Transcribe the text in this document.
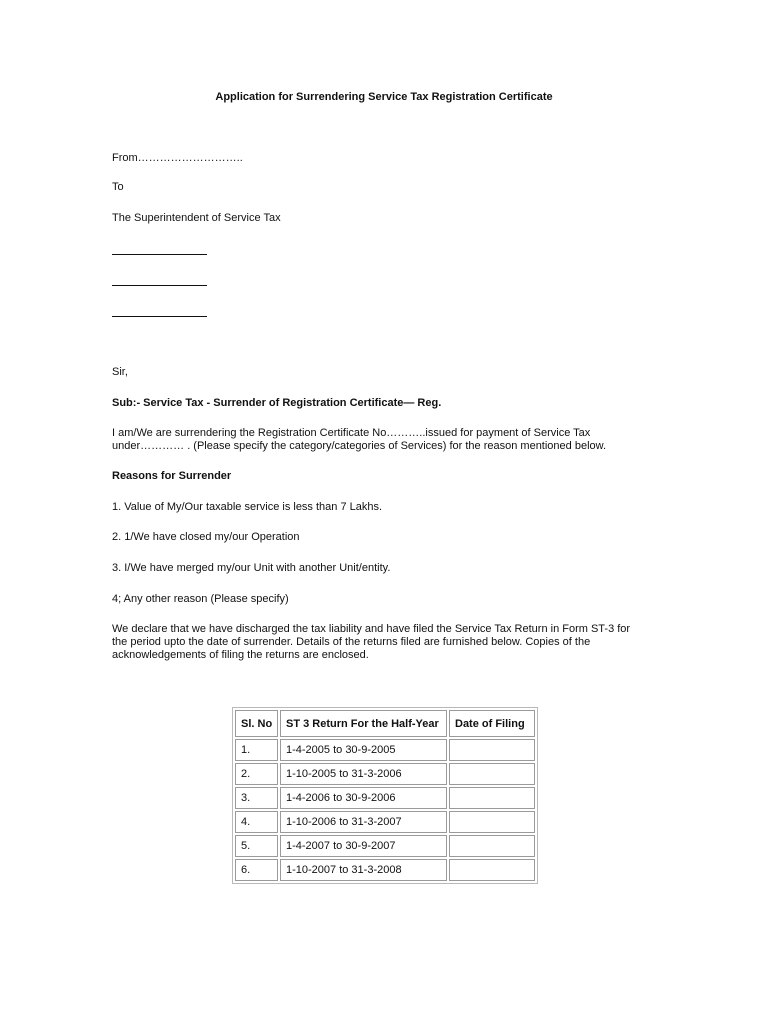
Application for Surrendering Service Tax Registration Certificate
From………………………..
To
The Superintendent of Service Tax
Sir,
Sub:- Service Tax - Surrender of Registration Certificate— Reg.
I am/We are surrendering the Registration Certificate No………..issued for payment of Service Tax
under………… . (Please specify the category/categories of Services) for the reason mentioned below.
Reasons for Surrender
1. Value of My/Our taxable service is less than 7 Lakhs.
2. 1/We have closed my/our Operation
3. I/We have merged my/our Unit with another Unit/entity.
4; Any other reason (Please specify)
We declare that we have discharged the tax liability and have filed the Service Tax Return in Form ST-3 for
the period upto the date of surrender. Details of the returns filed are furnished below. Copies of the
acknowledgements of filing the returns are enclosed.
Sl. No	ST 3 Return For the Half-Year	Date of Filing
1.	1-4-2005 to 30-9-2005	
2.	1-10-2005 to 31-3-2006	
3.	1-4-2006 to 30-9-2006	
4.	1-10-2006 to 31-3-2007	
5.	1-4-2007 to 30-9-2007	
6.	1-10-2007 to 31-3-2008	
